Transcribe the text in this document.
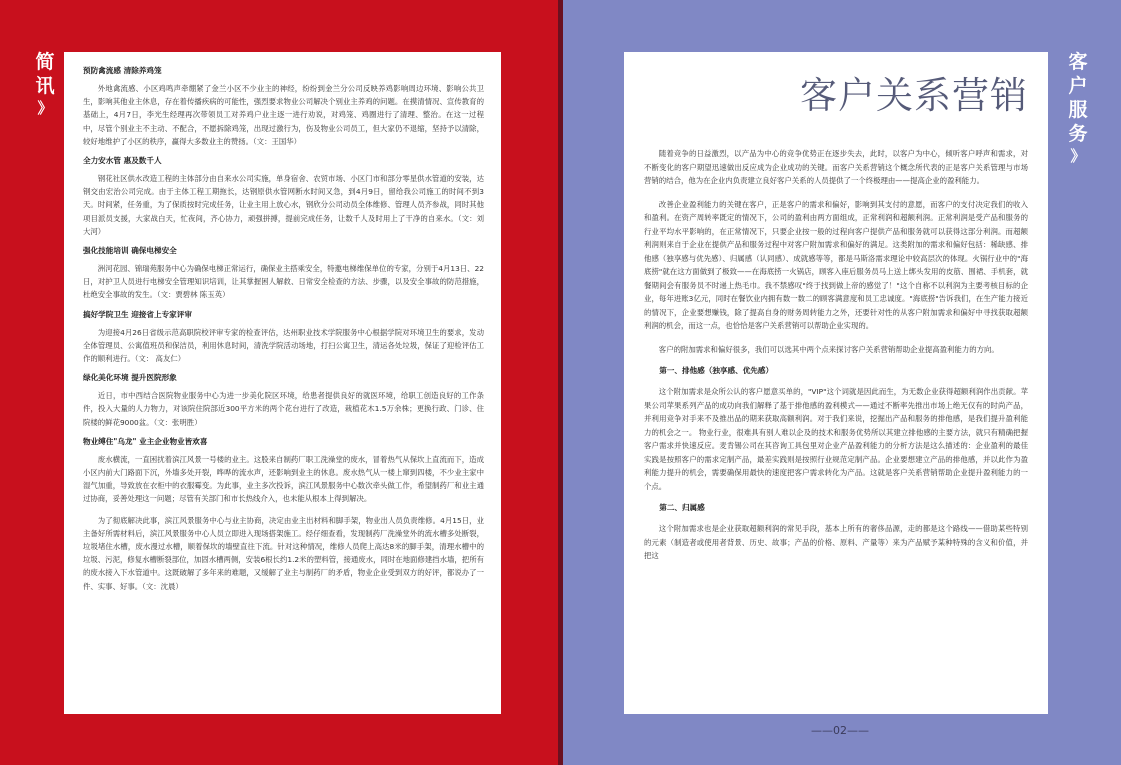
简
讯
》
客
户
服
务
》
预防禽流感 清除养鸡笼
外地禽流感、小区鸡鸣声牵绷紧了金兰小区不少业主的神经，纷纷到金兰分公司反映养鸡影响周边环境、影响公共卫生，影响其他业主休息，存在着传播疾病的可能性，强烈要求物业公司解决个别业主养鸡的问题。在摸清情况、宣传教育的基础上，4月7日，李光生经理再次带领员工对养鸡户业主逐一进行劝说，对鸡笼、鸡圈进行了清理、整治。在这一过程中，尽管个别业主不主动、不配合，不愿拆除鸡笼，出现过激行为，伤及物业公司员工，但大家仍不退缩，坚持予以清除，较好地维护了小区的秩序，赢得大多数业主的赞扬。（文：王国华）
全力安水管 惠及数千人
钢花社区供水改造工程的主体部分由自来水公司实施，单身宿舍、农贸市场、小区门市和部分零星供水管道的安装，达钢交由宏治公司完成。由于主体工程工期拖长，达钢原供水管网断水时间又急，到4月9日，留给我公司施工的时间不到3天。时间紧，任务重，为了保质按时完成任务，让业主用上放心水，钢欣分公司动员全体维修、管理人员齐参战，同时其他项目派员支援，大家战白天，忙夜间，齐心协力，顽强拼搏，提前完成任务，让数千人及时用上了干净的自来水。（文：刘大河）
强化技能培训 确保电梯安全
洲河花园、锦瑞苑服务中心为确保电梯正常运行，确保业主搭乘安全，特邀电梯维保单位的专家，分别于4月13日、22日，对护卫人员进行电梯安全管理知识培训，让其掌握困人解救、日常安全检查的方法、步骤，以及安全事故的防范措施，杜绝安全事故的发生。（文：贾碧林 陈玉英）
搞好学院卫生 迎接省上专家评审
为迎接4月26日省级示范高职院校评审专家的检查评估，达州职业技术学院服务中心根据学院对环境卫生的要求，发动全体管理员、公寓值班员和保洁员，利用休息时间，清洗学院活动场地，打扫公寓卫生，清运各处垃圾，保证了迎检评估工作的顺利进行。（文： 高友仁）
绿化美化环境 提升医院形象
近日，市中西结合医院物业服务中心为进一步美化院区环境，给患者提供良好的就医环境，给职工创造良好的工作条件，投入大量的人力物力，对该院住院部近300平方米的两个花台进行了改造，栽植花木1.5万余株；更换行政、门诊、住院楼的鲜花9000盆。（文：张明胜）
物业缚住"乌龙" 业主企业物业皆欢喜
废水横流，一直困扰着滨江风景一号楼的业主。这股来自制药厂职工洗澡堂的废水，冒着热气从保坎上直流而下，造成小区内前大门路面下沉，外墙多处开裂，哗哗的流水声，还影响到业主的休息。废水热气从一楼上窜到四楼，不少业主家中湿气加重，导致放在衣柜中的衣服霉变。为此事，业主多次投诉，滨江风景服务中心数次牵头做工作，希望制药厂和业主通过协商，妥善处理这一问题；尽管有关部门和市长热线介入，也未能从根本上得到解决。
为了彻底解决此事，滨江风景服务中心与业主协商，决定由业主出材料和脚手架，物业出人员负责维修。4月15日，业主备好所需材料后，滨江风景服务中心人员立即进入现场搭架施工。经仔细查看，发现制药厂洗澡堂外的流水槽多处断裂，垃圾堵住水槽，废水漫过水槽，顺着保坎的墙壁直往下流。针对这种情况，维修人员爬上高达8米的脚手架，清理水槽中的垃圾、污泥，修复水槽断裂部位，加固水槽两侧，安装6根长约1.2米的塑料管，接通废水，同时在地面修建挡水墙，把所有的废水接入下水管道中。这既破解了多年来的难题，又缓解了业主与制药厂的矛盾，物业企业受到双方的好评，都说办了一件、实事、好事。（文：沈晨）
客户关系营销
随着竞争的日益激烈，以产品为中心的竞争优势正在逐步失去，此时，以客户为中心，倾听客户呼声和需求，对不断变化的客户期望迅速做出反应成为企业成功的关键。而客户关系营销这个概念所代表的正是客户关系管理与市场营销的结合，他为在企业内负责建立良好客户关系的人员提供了一个终极理由——提高企业的盈利能力。
改善企业盈利能力的关键在客户，正是客户的需求和偏好，影响到其支付的意愿，而客户的支付决定我们的收入和盈利。在资产周转率既定的情况下，公司的盈利由两方面组成，正常利润和超额利润。正常利润是受产品和服务的行业平均水平影响的，在正常情况下，只要企业按一般的过程向客户提供产品和服务就可以获得这部分利润。而超额利润则来自于企业在提供产品和服务过程中对客户附加需求和偏好的满足。这类附加的需求和偏好包括：稀缺感、排他感（独享感与优先感）、归属感（认同感）、成就感等等，都是马斯洛需求理论中较高层次的体现。火锅行业中的"海底捞"就在这方面做到了极致——在海底捞一火锅店，顾客入座后服务员马上送上绑头发用的皮筋、围裙、手机套，就餐期间会有服务员不时递上热毛巾。我不禁感叹"终于找到做上帝的感觉了！"这个自称不以利润为主要考核目标的企业，每年进账3亿元，同时在餐饮业内拥有数一数二的顾客满意度和员工忠诚度。"海底捞"告诉我们，在生产能力接近的情况下，企业要想赚钱，除了提高自身的财务周转能力之外，还要针对性的从客户附加需求和偏好中寻找获取超额利润的机会，而这一点，也恰恰是客户关系营销可以帮助企业实现的。
客户的附加需求和偏好很多，我们可以选其中两个点来探讨客户关系营销帮助企业提高盈利能力的方向。
第一、排他感（独享感、优先感）
这个附加需求是众所公认的客户愿意买单的，"VIP"这个词就是因此而生，为无数企业获得超额利润作出贡献。苹果公司苹果系列产品的成功向我们解释了基于排他感的盈利模式——通过不断率先推出市场上绝无仅有的时尚产品，并利用竞争对手来不及推出品的期来获取高额利润。对于我们来说，挖掘出产品和服务的排他感，是我们提升盈利能力的机会之一。 物业行业，很难具有别人难以企及的技术和服务优势所以其建立排他感的主要方法，就只有精确把握客户需求并快速反应。麦肯锡公司在其咨询工具包里对企业产品盈利能力的分析方法是这么描述的：企业盈利的最佳实践是按照客户的需求定制产品，最差实践则是按照行业规范定制产品。企业要想建立产品的排他感，并以此作为盈利能力提升的机会，需要确保用最快的速度把客户需求转化为产品。这就是客户关系营销帮助企业提升盈利能力的一个点。
第二、归属感
这个附加需求也是企业获取超额利润的常见手段，基本上所有的奢侈品源，走的都是这个路线——借助某些特别的元素（制造者或使用者背景、历史、故事；产品的价格、原料、产量等）来为产品赋予某种特殊的含义和价值，并把这
——02——
